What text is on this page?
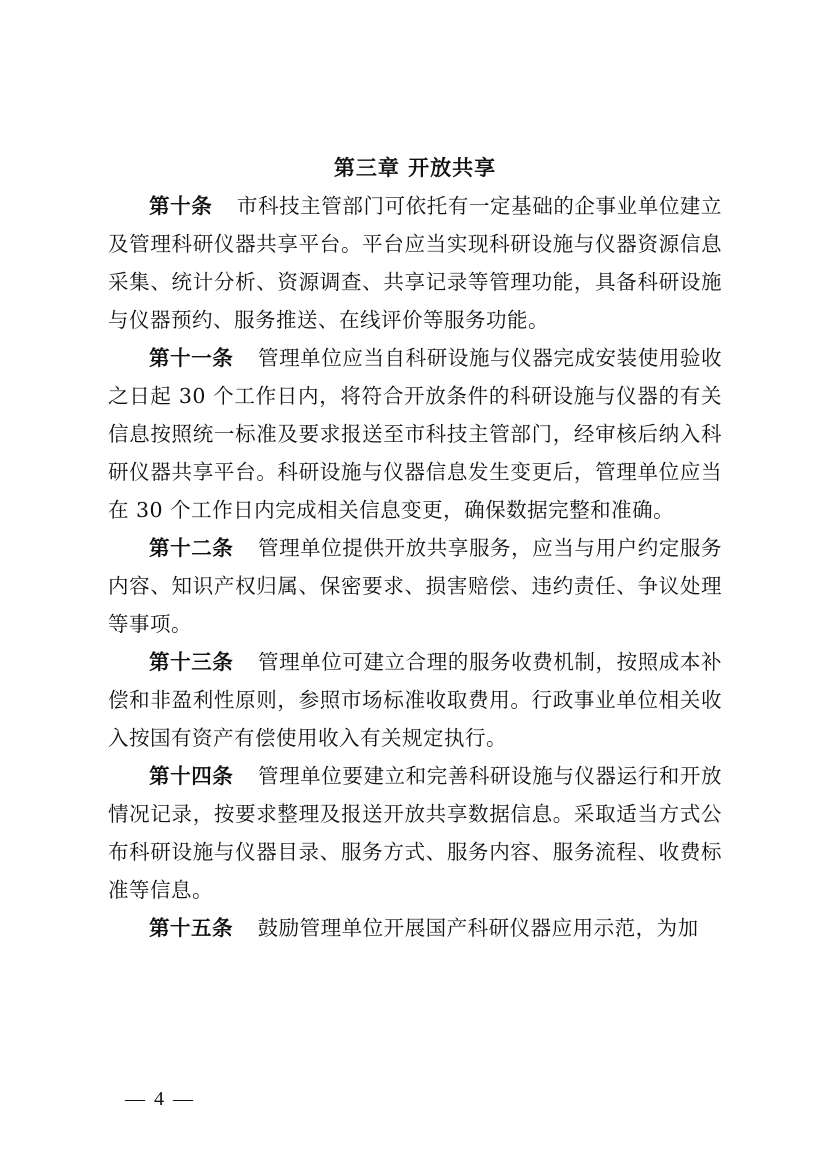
第三章 开放共享

第十条 市科技主管部门可依托有一定基础的企事业单位建立及管理科研仪器共享平台。平台应当实现科研设施与仪器资源信息采集、统计分析、资源调查、共享记录等管理功能，具备科研设施与仪器预约、服务推送、在线评价等服务功能。

第十一条 管理单位应当自科研设施与仪器完成安装使用验收之日起 30 个工作日内，将符合开放条件的科研设施与仪器的有关信息按照统一标准及要求报送至市科技主管部门，经审核后纳入科研仪器共享平台。科研设施与仪器信息发生变更后，管理单位应当在 30 个工作日内完成相关信息变更，确保数据完整和准确。

第十二条 管理单位提供开放共享服务，应当与用户约定服务内容、知识产权归属、保密要求、损害赔偿、违约责任、争议处理等事项。

第十三条 管理单位可建立合理的服务收费机制，按照成本补偿和非盈利性原则，参照市场标准收取费用。行政事业单位相关收入按国有资产有偿使用收入有关规定执行。

第十四条 管理单位要建立和完善科研设施与仪器运行和开放情况记录，按要求整理及报送开放共享数据信息。采取适当方式公布科研设施与仪器目录、服务方式、服务内容、服务流程、收费标准等信息。

第十五条 鼓励管理单位开展国产科研仪器应用示范，为加

— 4 —
